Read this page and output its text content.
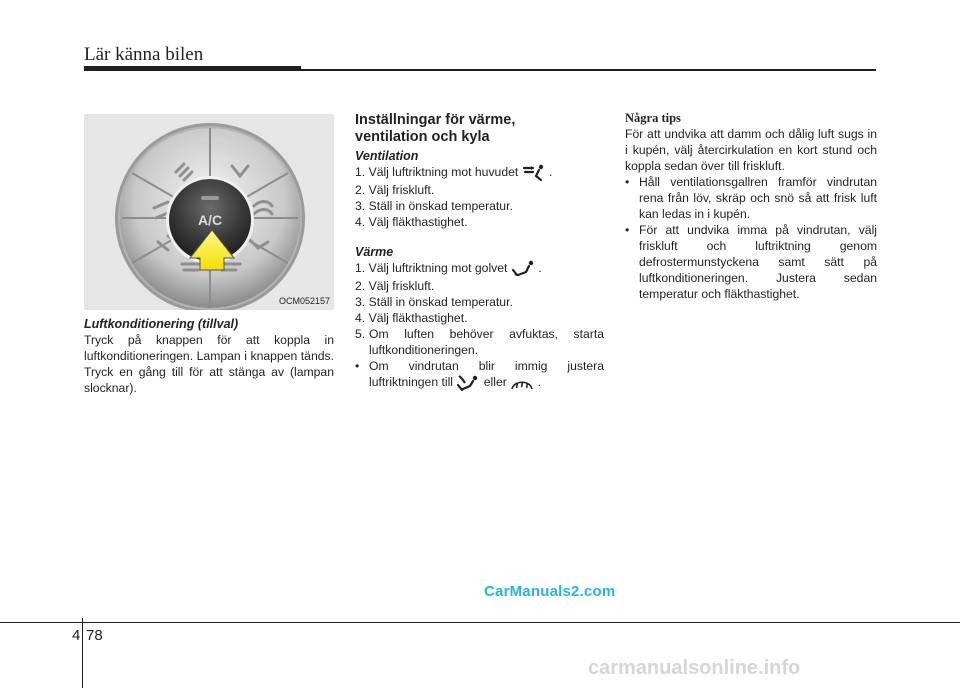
Lär känna bilen
A/C
OCM052157
Luftkonditionering (tillval)
Tryck på knappen för att koppla in luftkonditioneringen. Lampan i knappen tänds. Tryck en gång till för att stänga av (lampan slocknar).
Inställningar för värme,
ventilation och kyla
Ventilation
1. Välj luftriktning mot huvudet  .
2. Välj friskluft.
3. Ställ in önskad temperatur.
4. Välj fläkthastighet.
Värme
1. Välj luftriktning mot golvet  .
2. Välj friskluft.
3. Ställ in önskad temperatur.
4. Välj fläkthastighet.
5. Om luften behöver avfuktas, starta luftkonditioneringen.
• Om vindrutan blir immig justera luftriktningen till	eller  .
Några tips
För att undvika att damm och dålig luft sugs in i kupén, välj återcirkulation en kort stund och koppla sedan över till friskluft.
• Håll ventilationsgallren framför vindrutan rena från löv, skräp och snö så att frisk luft kan ledas in i kupén.
• För att undvika imma på vindrutan, välj friskluft och luftriktning genom defrostermunstyckena samt sätt på luftkonditioneringen. Justera sedan temperatur och fläkthastighet.
CarManuals2.com
carmanualsonline.info
4 78
